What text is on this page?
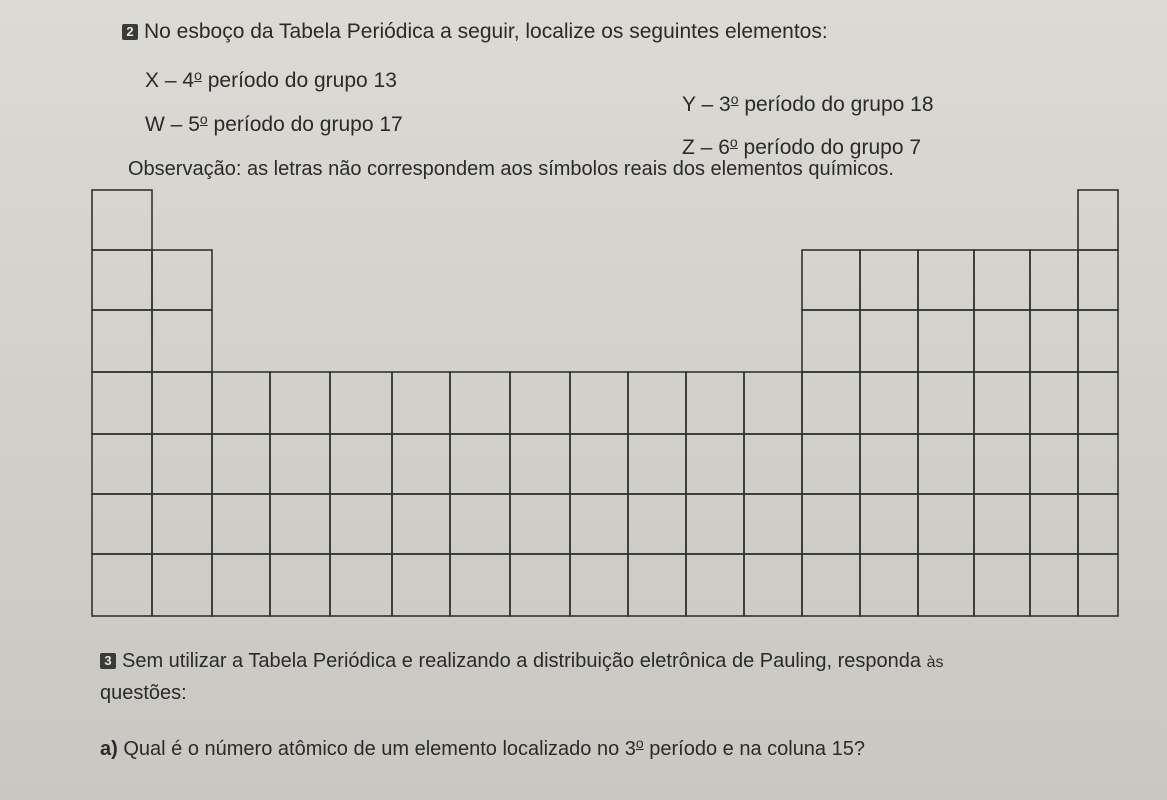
2 No esboço da Tabela Periódica a seguir, localize os seguintes elementos:
X – 4$^o$ período do grupo 13
W – 5$^o$ período do grupo 17
Y – 3$^o$ período do grupo 18
Z – 6$^o$ período do grupo 7
Observação: as letras não correspondem aos símbolos reais dos elementos químicos.
3 Sem utilizar a Tabela Periódica e realizando a distribuição eletrônica de Pauling, responda às
questões:
a) Qual é o número atômico de um elemento localizado no 3$^o$ período e na coluna 15?
